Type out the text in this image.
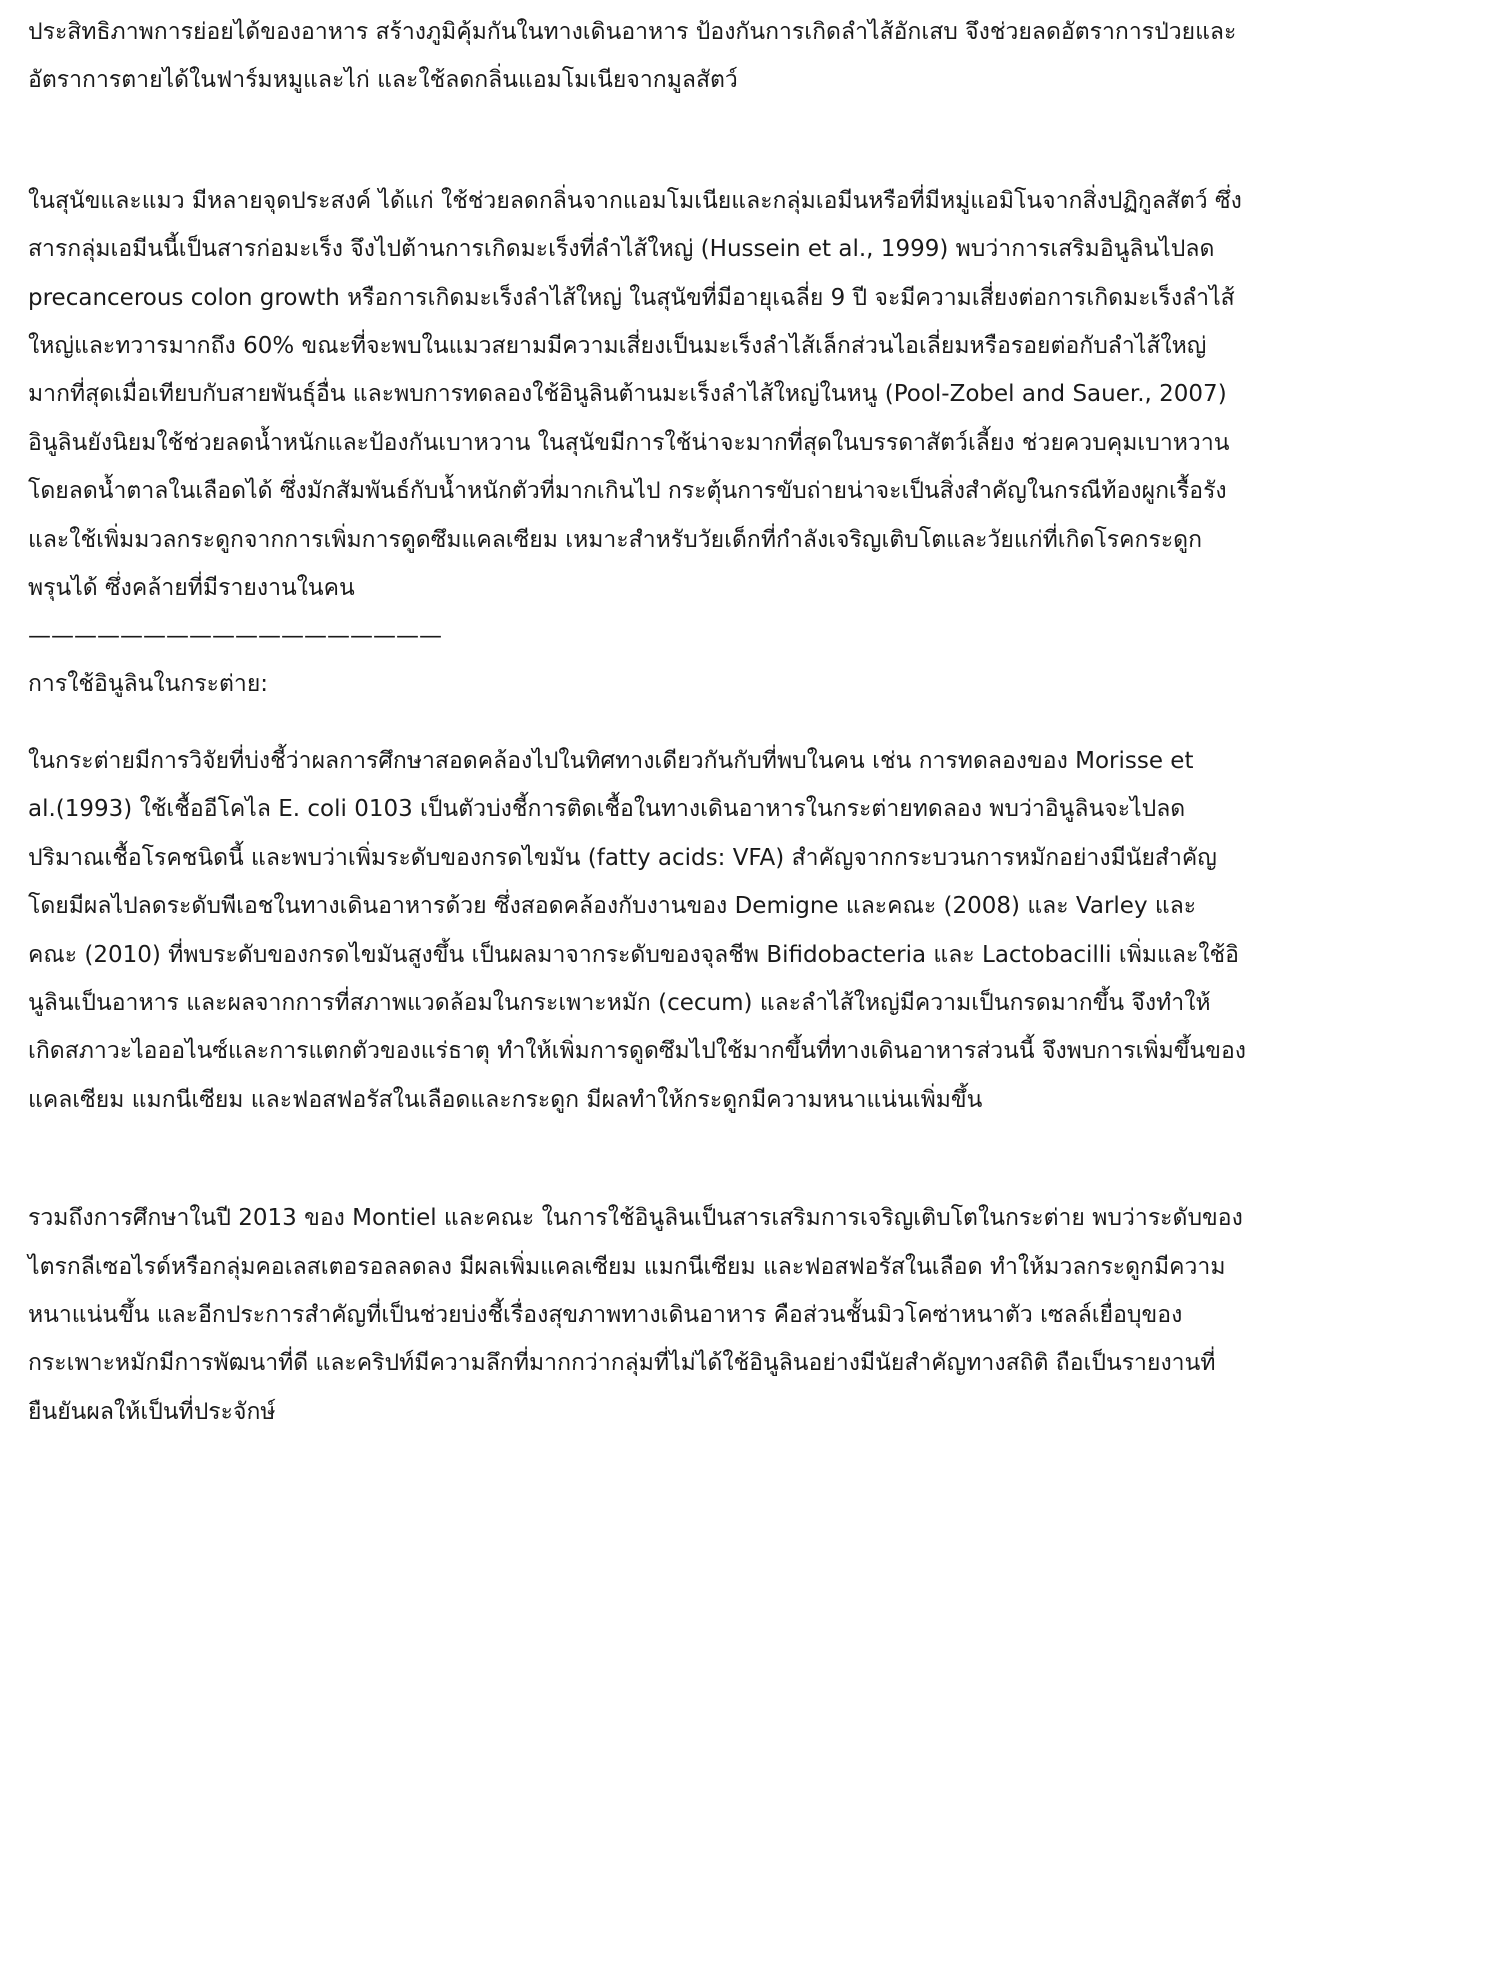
ประสิทธิภาพการย่อยได้ของอาหาร สร้างภูมิคุ้มกันในทางเดินอาหาร ป้องกันการเกิดลำไส้อักเสบ จึงช่วยลดอัตราการป่วยและ
อัตราการตายได้ในฟาร์มหมูและไก่ และใช้ลดกลิ่นแอมโมเนียจากมูลสัตว์

ในสุนัขและแมว มีหลายจุดประสงค์ ได้แก่ ใช้ช่วยลดกลิ่นจากแอมโมเนียและกลุ่มเอมีนหรือที่มีหมู่แอมิโนจากสิ่งปฏิกูลสัตว์ ซึ่ง
สารกลุ่มเอมีนนี้เป็นสารก่อมะเร็ง จึงไปต้านการเกิดมะเร็งที่ลำไส้ใหญ่ (Hussein et al., 1999) พบว่าการเสริมอินูลินไปลด
precancerous colon growth หรือการเกิดมะเร็งลำไส้ใหญ่ ในสุนัขที่มีอายุเฉลี่ย 9 ปี จะมีความเสี่ยงต่อการเกิดมะเร็งลำไส้
ใหญ่และทวารมากถึง 60% ขณะที่จะพบในแมวสยามมีความเสี่ยงเป็นมะเร็งลำไส้เล็กส่วนไอเลี่ยมหรือรอยต่อกับลำไส้ใหญ่
มากที่สุดเมื่อเทียบกับสายพันธุ์อื่น และพบการทดลองใช้อินูลินต้านมะเร็งลำไส้ใหญ่ในหนู (Pool-Zobel and Sauer., 2007)
อินูลินยังนิยมใช้ช่วยลดน้ำหนักและป้องกันเบาหวาน ในสุนัขมีการใช้น่าจะมากที่สุดในบรรดาสัตว์เลี้ยง ช่วยควบคุมเบาหวาน
โดยลดน้ำตาลในเลือดได้ ซึ่งมักสัมพันธ์กับน้ำหนักตัวที่มากเกินไป กระตุ้นการขับถ่ายน่าจะเป็นสิ่งสำคัญในกรณีท้องผูกเรื้อรัง
และใช้เพิ่มมวลกระดูกจากการเพิ่มการดูดซึมแคลเซียม เหมาะสำหรับวัยเด็กที่กำลังเจริญเติบโตและวัยแก่ที่เกิดโรคกระดูก
พรุนได้ ซึ่งคล้ายที่มีรายงานในคน

——————————————————

การใช้อินูลินในกระต่าย:

ในกระต่ายมีการวิจัยที่บ่งชี้ว่าผลการศึกษาสอดคล้องไปในทิศทางเดียวกันกับที่พบในคน เช่น การทดลองของ Morisse et
al.(1993) ใช้เชื้ออีโคไล E. coli 0103 เป็นตัวบ่งชี้การติดเชื้อในทางเดินอาหารในกระต่ายทดลอง พบว่าอินูลินจะไปลด
ปริมาณเชื้อโรคชนิดนี้ และพบว่าเพิ่มระดับของกรดไขมัน (fatty acids: VFA) สำคัญจากกระบวนการหมักอย่างมีนัยสำคัญ
โดยมีผลไปลดระดับพีเอชในทางเดินอาหารด้วย ซึ่งสอดคล้องกับงานของ Demigne และคณะ (2008) และ Varley และ
คณะ (2010) ที่พบระดับของกรดไขมันสูงขึ้น เป็นผลมาจากระดับของจุลชีพ Bifidobacteria และ Lactobacilli เพิ่มและใช้อิ
นูลินเป็นอาหาร และผลจากการที่สภาพแวดล้อมในกระเพาะหมัก (cecum) และลำไส้ใหญ่มีความเป็นกรดมากขึ้น จึงทำให้
เกิดสภาวะไอออไนซ์และการแตกตัวของแร่ธาตุ ทำให้เพิ่มการดูดซึมไปใช้มากขึ้นที่ทางเดินอาหารส่วนนี้ จึงพบการเพิ่มขึ้นของ
แคลเซียม แมกนีเซียม และฟอสฟอรัสในเลือดและกระดูก มีผลทำให้กระดูกมีความหนาแน่นเพิ่มขึ้น

รวมถึงการศึกษาในปี 2013 ของ Montiel และคณะ ในการใช้อินูลินเป็นสารเสริมการเจริญเติบโตในกระต่าย พบว่าระดับของ
ไตรกลีเซอไรด์หรือกลุ่มคอเลสเตอรอลลดลง มีผลเพิ่มแคลเซียม แมกนีเซียม และฟอสฟอรัสในเลือด ทำให้มวลกระดูกมีความ
หนาแน่นขึ้น และอีกประการสำคัญที่เป็นช่วยบ่งชี้เรื่องสุขภาพทางเดินอาหาร คือส่วนชั้นมิวโคซ่าหนาตัว เซลล์เยื่อบุของ
กระเพาะหมักมีการพัฒนาที่ดี และคริปท์มีความลึกที่มากกว่ากลุ่มที่ไม่ได้ใช้อินูลินอย่างมีนัยสำคัญทางสถิติ ถือเป็นรายงานที่
ยืนยันผลให้เป็นที่ประจักษ์
